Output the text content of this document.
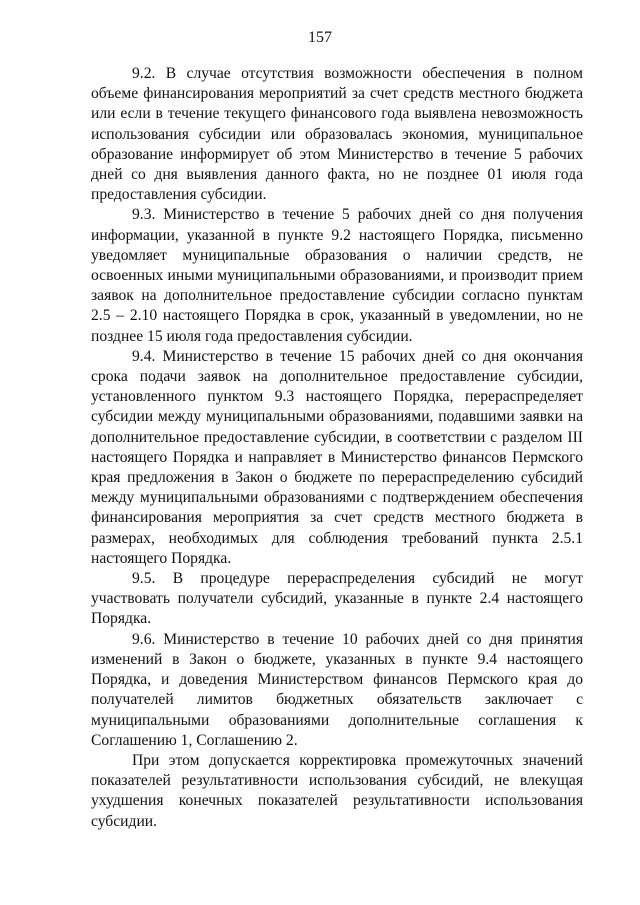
157

9.2. В случае отсутствия возможности обеспечения в полном объеме финансирования мероприятий за счет средств местного бюджета или если в течение текущего финансового года выявлена невозможность использования субсидии или образовалась экономия, муниципальное образование информирует об этом Министерство в течение 5 рабочих дней со дня выявления данного факта, но не позднее 01 июля года предоставления субсидии.

9.3. Министерство в течение 5 рабочих дней со дня получения информации, указанной в пункте 9.2 настоящего Порядка, письменно уведомляет муниципальные образования о наличии средств, не освоенных иными муниципальными образованиями, и производит прием заявок на дополнительное предоставление субсидии согласно пунктам 2.5 – 2.10 настоящего Порядка в срок, указанный в уведомлении, но не позднее 15 июля года предоставления субсидии.

9.4. Министерство в течение 15 рабочих дней со дня окончания срока подачи заявок на дополнительное предоставление субсидии, установленного пунктом 9.3 настоящего Порядка, перераспределяет субсидии между муниципальными образованиями, подавшими заявки на дополнительное предоставление субсидии, в соответствии с разделом III настоящего Порядка и направляет в Министерство финансов Пермского края предложения в Закон о бюджете по перераспределению субсидий между муниципальными образованиями с подтверждением обеспечения финансирования мероприятия за счет средств местного бюджета в размерах, необходимых для соблюдения требований пункта 2.5.1 настоящего Порядка.

9.5. В процедуре перераспределения субсидий не могут участвовать получатели субсидий, указанные в пункте 2.4 настоящего Порядка.

9.6. Министерство в течение 10 рабочих дней со дня принятия изменений в Закон о бюджете, указанных в пункте 9.4 настоящего Порядка, и доведения Министерством финансов Пермского края до получателей лимитов бюджетных обязательств заключает с муниципальными образованиями дополнительные соглашения к Соглашению 1, Соглашению 2.

При этом допускается корректировка промежуточных значений показателей результативности использования субсидий, не влекущая ухудшения конечных показателей результативности использования субсидии.
